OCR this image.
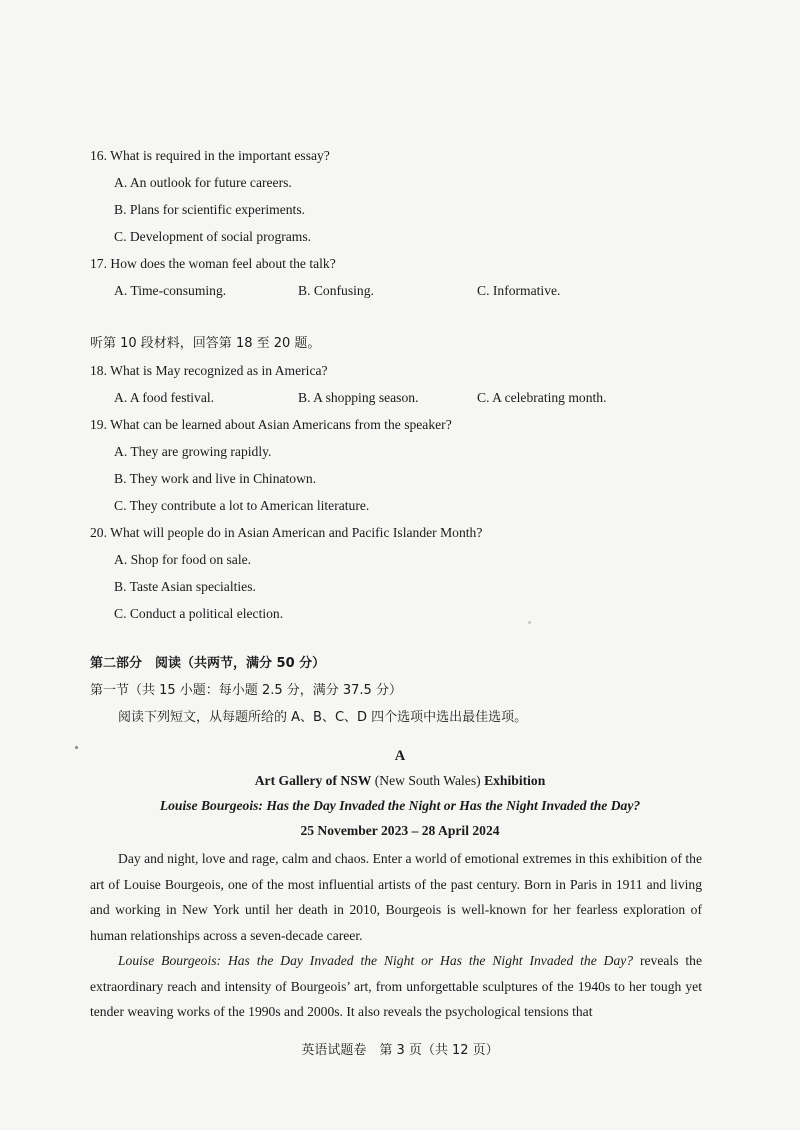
16. What is required in the important essay?
A. An outlook for future careers.
B. Plans for scientific experiments.
C. Development of social programs.
17. How does the woman feel about the talk?
A. Time-consuming.	B. Confusing.	C. Informative.
听第 10 段材料，回答第 18 至 20 题。
18. What is May recognized as in America?
A. A food festival.	B. A shopping season.	C. A celebrating month.
19. What can be learned about Asian Americans from the speaker?
A. They are growing rapidly.
B. They work and live in Chinatown.
C. They contribute a lot to American literature.
20. What will people do in Asian American and Pacific Islander Month?
A. Shop for food on sale.
B. Taste Asian specialties.
C. Conduct a political election.
第二部分　阅读（共两节，满分 50 分）
第一节（共 15 小题：每小题 2.5 分，满分 37.5 分）
阅读下列短文，从每题所给的 A、B、C、D 四个选项中选出最佳选项。
A
Art Gallery of NSW (New South Wales) Exhibition
Louise Bourgeois: Has the Day Invaded the Night or Has the Night Invaded the Day?
25 November 2023 – 28 April 2024

Day and night, love and rage, calm and chaos. Enter a world of emotional extremes in this exhibition of the art of Louise Bourgeois, one of the most influential artists of the past century. Born in Paris in 1911 and living and working in New York until her death in 2010, Bourgeois is well-known for her fearless exploration of human relationships across a seven-decade career.

Louise Bourgeois: Has the Day Invaded the Night or Has the Night Invaded the Day? reveals the extraordinary reach and intensity of Bourgeois’ art, from unforgettable sculptures of the 1940s to her tough yet tender weaving works of the 1990s and 2000s. It also reveals the psychological tensions that

英语试题卷　第 3 页（共 12 页）
